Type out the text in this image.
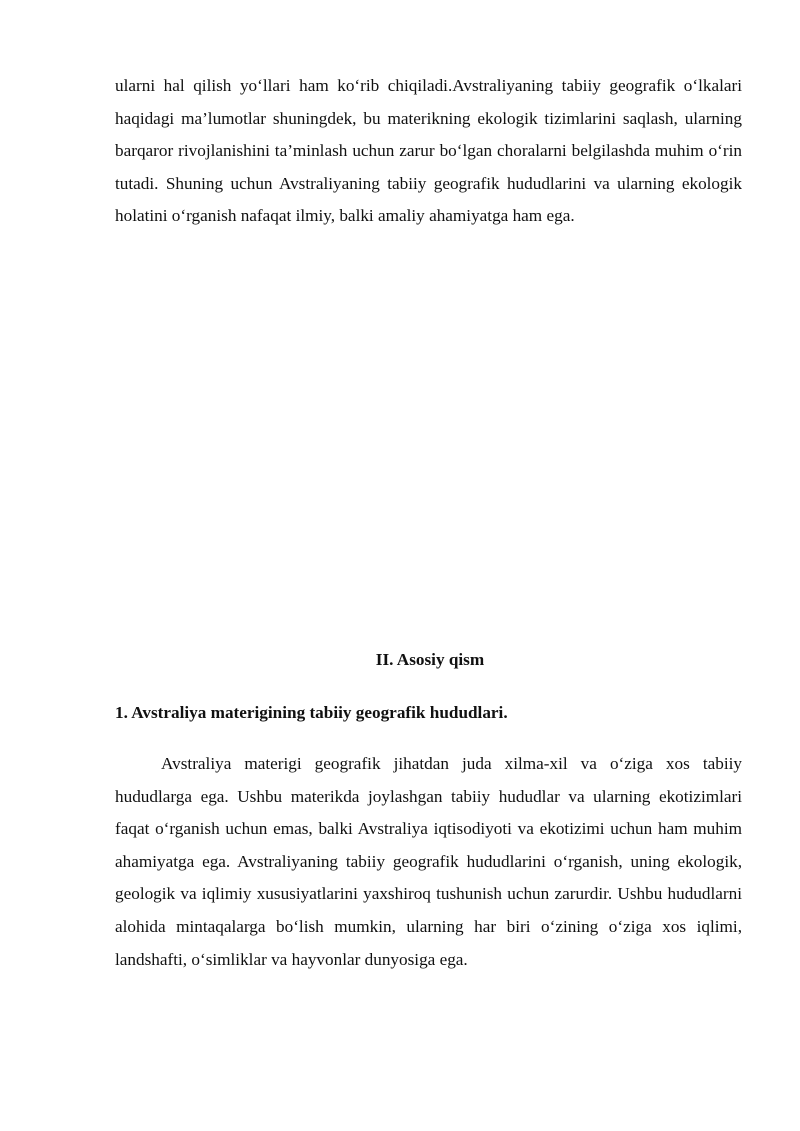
ularni hal qilish yo‘llari ham ko‘rib chiqiladi.Avstraliyaning tabiiy geografik o‘lkalari haqidagi ma’lumotlar shuningdek, bu materikning ekologik tizimlarini saqlash, ularning barqaror rivojlanishini ta’minlash uchun zarur bo‘lgan choralarni belgilashda muhim o‘rin tutadi. Shuning uchun Avstraliyaning tabiiy geografik hududlarini va ularning ekologik holatini o‘rganish nafaqat ilmiy, balki amaliy ahamiyatga ham ega.

II. Asosiy qism
1. Avstraliya materigining tabiiy geografik hududlari.

Avstraliya materigi geografik jihatdan juda xilma-xil va o‘ziga xos tabiiy hududlarga ega. Ushbu materikda joylashgan tabiiy hududlar va ularning ekotizimlari faqat o‘rganish uchun emas, balki Avstraliya iqtisodiyoti va ekotizimi uchun ham muhim ahamiyatga ega. Avstraliyaning tabiiy geografik hududlarini o‘rganish, uning ekologik, geologik va iqlimiy xususiyatlarini yaxshiroq tushunish uchun zarurdir. Ushbu hududlarni alohida mintaqalarga bo‘lish mumkin, ularning har biri o‘zining o‘ziga xos iqlimi, landshafti, o‘simliklar va hayvonlar dunyosiga ega.
